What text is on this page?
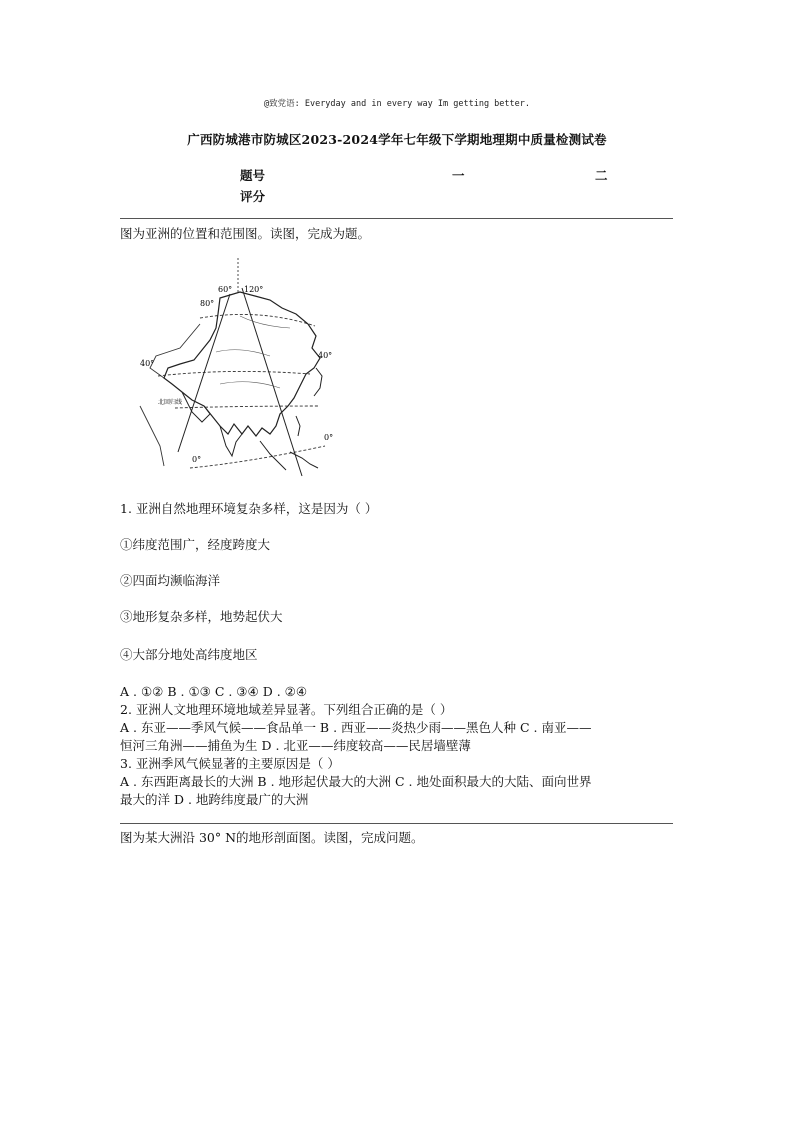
@致党语: Everyday and in every way Im getting better.
广西防城港市防城区2023-2024学年七年级下学期地理期中质量检测试卷
题号	一	二
评分
图为亚洲的位置和范围图。读图，完成为题。
60° 120°
80°
40°
40°
北回归线
0°
0°
1. 亚洲自然地理环境复杂多样，这是因为（ ）
①纬度范围广，经度跨度大
②四面均濒临海洋
③地形复杂多样，地势起伏大
④大部分地处高纬度地区
A . ①② B . ①③ C . ③④ D . ②④
2. 亚洲人文地理环境地域差异显著。下列组合正确的是（ ）
A . 东亚——季风气候——食品单一 B . 西亚——炎热少雨——黑色人种 C . 南亚——
恒河三角洲——捕鱼为生 D . 北亚——纬度较高——民居墙壁薄
3. 亚洲季风气候显著的主要原因是（ ）
A . 东西距离最长的大洲 B . 地形起伏最大的大洲 C . 地处面积最大的大陆、面向世界
最大的洋 D . 地跨纬度最广的大洲
图为某大洲沿 30° N的地形剖面图。读图，完成问题。
